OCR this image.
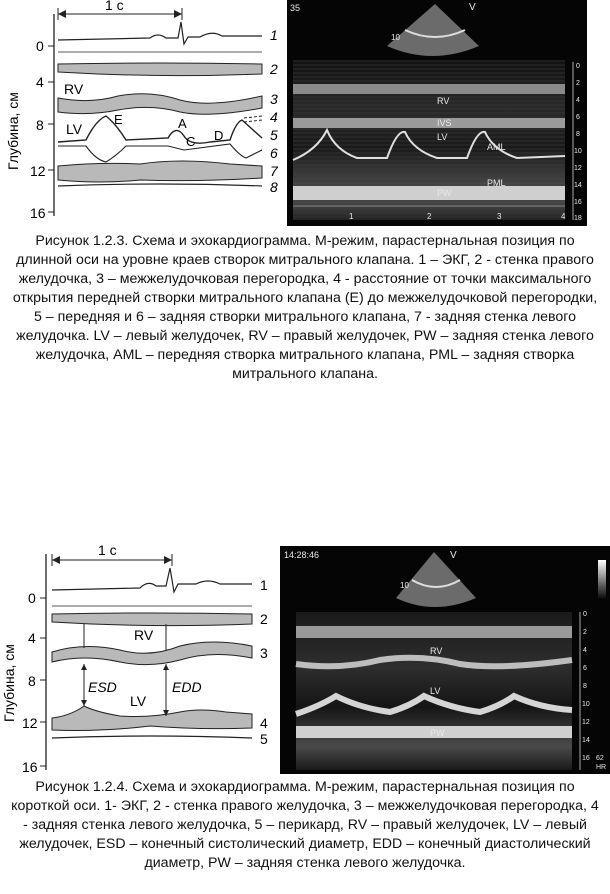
0
4
8
12
16
Глубина, см
1 с
RV
LV
E	A
C D
1
2
3
4
5
6
7
8
35	V
10
0
2
4
6
8
10
12
14
16
18
1	2	3	4
RV
IVS
LV
AML
PML
PW
Рисунок 1.2.3. Схема и эхокардиограмма. М-режим, парастернальная позиция по длинной оси на уровне краев створок митрального клапана. 1 – ЭКГ, 2 - стенка правого желудочка, 3 – межжелудочковая перегородка, 4 - расстояние от точки максимального открытия передней створки митрального клапана (Е) до межжелудочковой перегородки, 5 – передняя и 6 – задняя створки митрального клапана, 7 - задняя стенка левого желудочка. LV – левый желудочек, RV – правый желудочек, PW – задняя стенка левого желудочка, AML – передняя створка митрального клапана, PML – задняя створка митрального клапана.
0
4
8
12
16
Глубина, см
1 с
RV
LV
ESD	EDD
1
2
3
4
5
14:28:46	V
10
0
2
4
6
8
10
12
14
16 62
HR
RV
LV
PW
Рисунок 1.2.4. Схема и эхокардиограмма. М-режим, парастернальная позиция по короткой оси. 1- ЭКГ, 2 - стенка правого желудочка, 3 – межжелудочковая перегородка, 4 - задняя стенка левого желудочка, 5 – перикард, RV – правый желудочек, LV – левый желудочек, ESD – конечный систолический диаметр, EDD – конечный диастолический диаметр, PW – задняя стенка левого желудочка.
